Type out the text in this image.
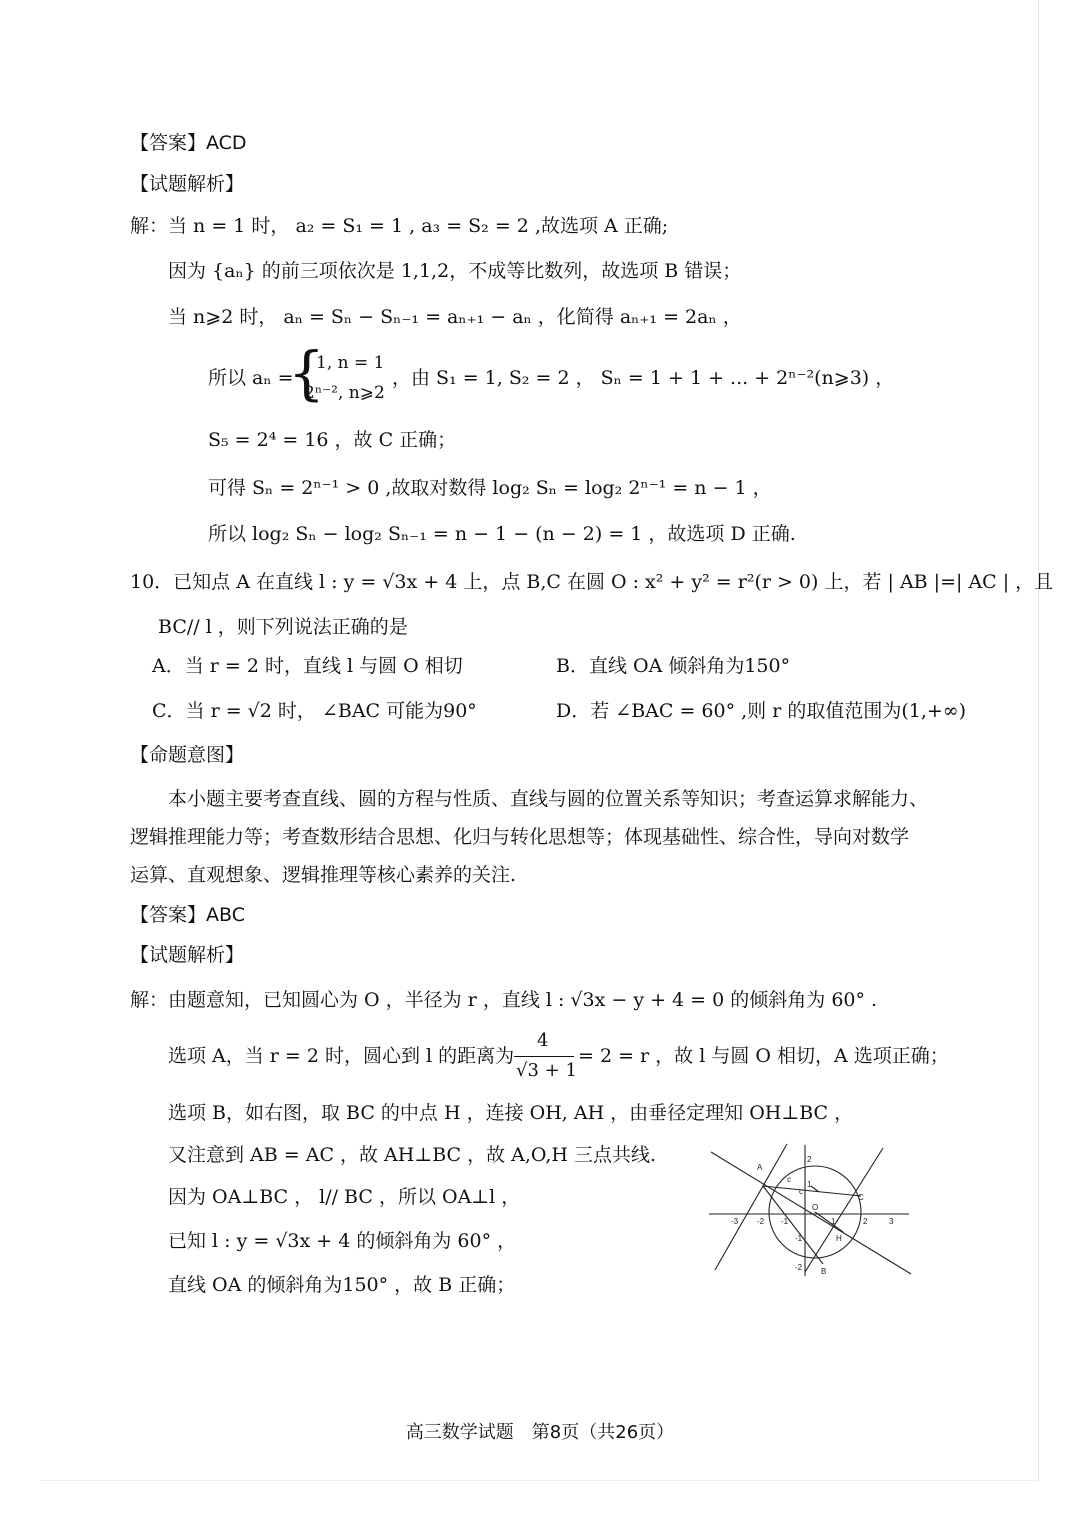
【答案】ACD
【试题解析】
解：当 n = 1 时， a₂ = S₁ = 1 , a₃ = S₂ = 2 ,故选项 A 正确;
因为 {aₙ} 的前三项依次是 1,1,2，不成等比数列，故选项 B 错误；
当 n⩾2 时， aₙ = Sₙ − Sₙ₋₁ = aₙ₊₁ − aₙ ，化简得 aₙ₊₁ = 2aₙ ，
所以 aₙ =
{
1, n = 1
2ⁿ⁻², n⩾2
，由 S₁ = 1, S₂ = 2 ， Sₙ = 1 + 1 + ... + 2ⁿ⁻²(n⩾3) ，
S₅ = 2⁴ = 16 ，故 C 正确；
可得 Sₙ = 2ⁿ⁻¹ > 0 ,故取对数得 log₂ Sₙ = log₂ 2ⁿ⁻¹ = n − 1 ，
所以 log₂ Sₙ − log₂ Sₙ₋₁ = n − 1 − (n − 2) = 1 ，故选项 D 正确.
10．已知点 A 在直线 l : y = √3x + 4 上，点 B,C 在圆 O : x² + y² = r²(r > 0) 上，若 | AB |=| AC | ，且
BC// l ，则下列说法正确的是
A．当 r = 2 时，直线 l 与圆 O 相切	B．直线 OA 倾斜角为150°
C．当 r = √2 时， ∠BAC 可能为90°	D．若 ∠BAC = 60° ,则 r 的取值范围为(1,+∞)
【命题意图】
本小题主要考查直线、圆的方程与性质、直线与圆的位置关系等知识；考查运算求解能力、
逻辑推理能力等；考查数形结合思想、化归与转化思想等；体现基础性、综合性，导向对数学
运算、直观想象、逻辑推理等核心素养的关注.
【答案】ABC
【试题解析】
解：由题意知，已知圆心为 O ，半径为 r ，直线 l : √3x − y + 4 = 0 的倾斜角为 60° .
选项 A，当 r = 2 时，圆心到 l 的距离为
4
√3 + 1
= 2 = r ，故 l 与圆 O 相切，A 选项正确；
选项 B，如右图，取 BC 的中点 H ，连接 OH, AH ，由垂径定理知 OH⊥BC ，
又注意到 AB = AC ，故 AH⊥BC ，故 A,O,H 三点共线.
因为 OA⊥BC ， l// BC ，所以 OA⊥l ，
已知 l : y = √3x + 4 的倾斜角为 60° ，
直线 OA 的倾斜角为150° ，故 B 正确；
A
C
O
H
B
c
c
-3 -2 -1	1	2	3
2
1
-1
-2
高三数学试题　第8页（共26页）
